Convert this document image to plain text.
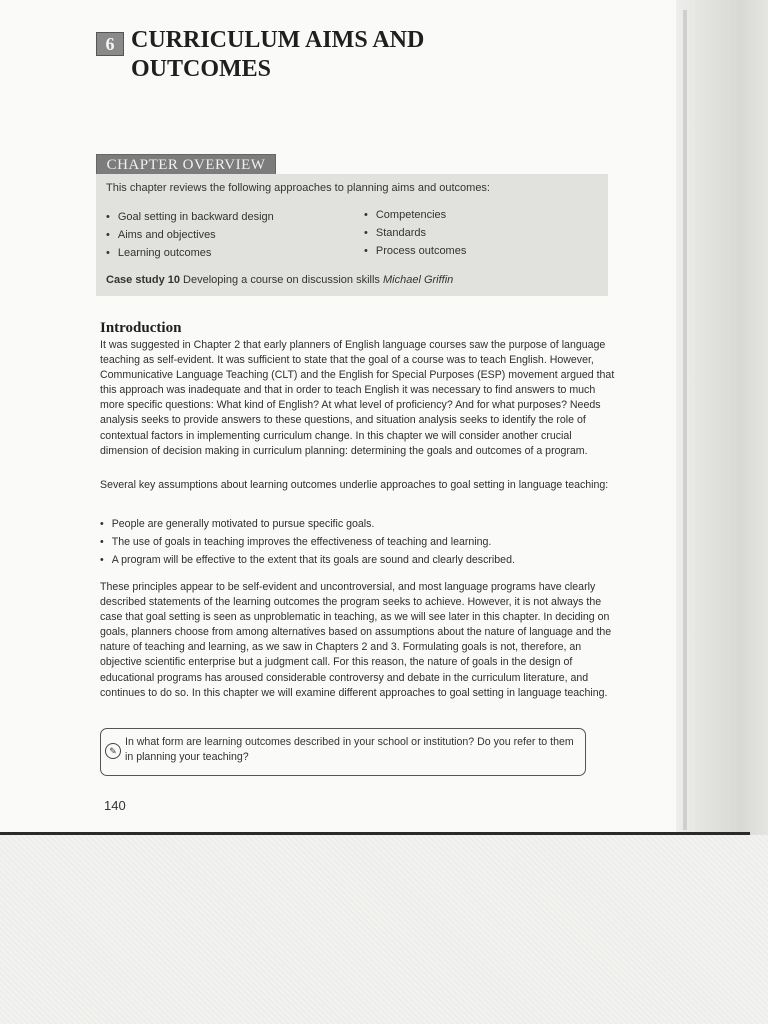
6 CURRICULUM AIMS AND OUTCOMES
CHAPTER OVERVIEW
This chapter reviews the following approaches to planning aims and outcomes:
• Goal setting in backward design
• Aims and objectives
• Learning outcomes
• Competencies
• Standards
• Process outcomes
Case study 10 Developing a course on discussion skills Michael Griffin
Introduction

It was suggested in Chapter 2 that early planners of English language courses saw the purpose of language teaching as self-evident. It was sufficient to state that the goal of a course was to teach English. However, Communicative Language Teaching (CLT) and the English for Special Purposes (ESP) movement argued that this approach was inadequate and that in order to teach English it was necessary to find answers to much more specific questions: What kind of English? At what level of proficiency? And for what purposes? Needs analysis seeks to provide answers to these questions, and situation analysis seeks to identify the role of contextual factors in implementing curriculum change. In this chapter we will consider another crucial dimension of decision making in curriculum planning: determining the goals and outcomes of a program.

Several key assumptions about learning outcomes underlie approaches to goal setting in language teaching:

• People are generally motivated to pursue specific goals.
• The use of goals in teaching improves the effectiveness of teaching and learning.
• A program will be effective to the extent that its goals are sound and clearly described.

These principles appear to be self-evident and uncontroversial, and most language programs have clearly described statements of the learning outcomes the program seeks to achieve. However, it is not always the case that goal setting is seen as unproblematic in teaching, as we will see later in this chapter. In deciding on goals, planners choose from among alternatives based on assumptions about the nature of language and the nature of teaching and learning, as we saw in Chapters 2 and 3. Formulating goals is not, therefore, an objective scientific enterprise but a judgment call. For this reason, the nature of goals in the design of educational programs has aroused considerable controversy and debate in the curriculum literature, and continues to do so. In this chapter we will examine different approaches to goal setting in language teaching.

✎

In what form are learning outcomes described in your school or institution? Do you refer to them in planning your teaching?

140
